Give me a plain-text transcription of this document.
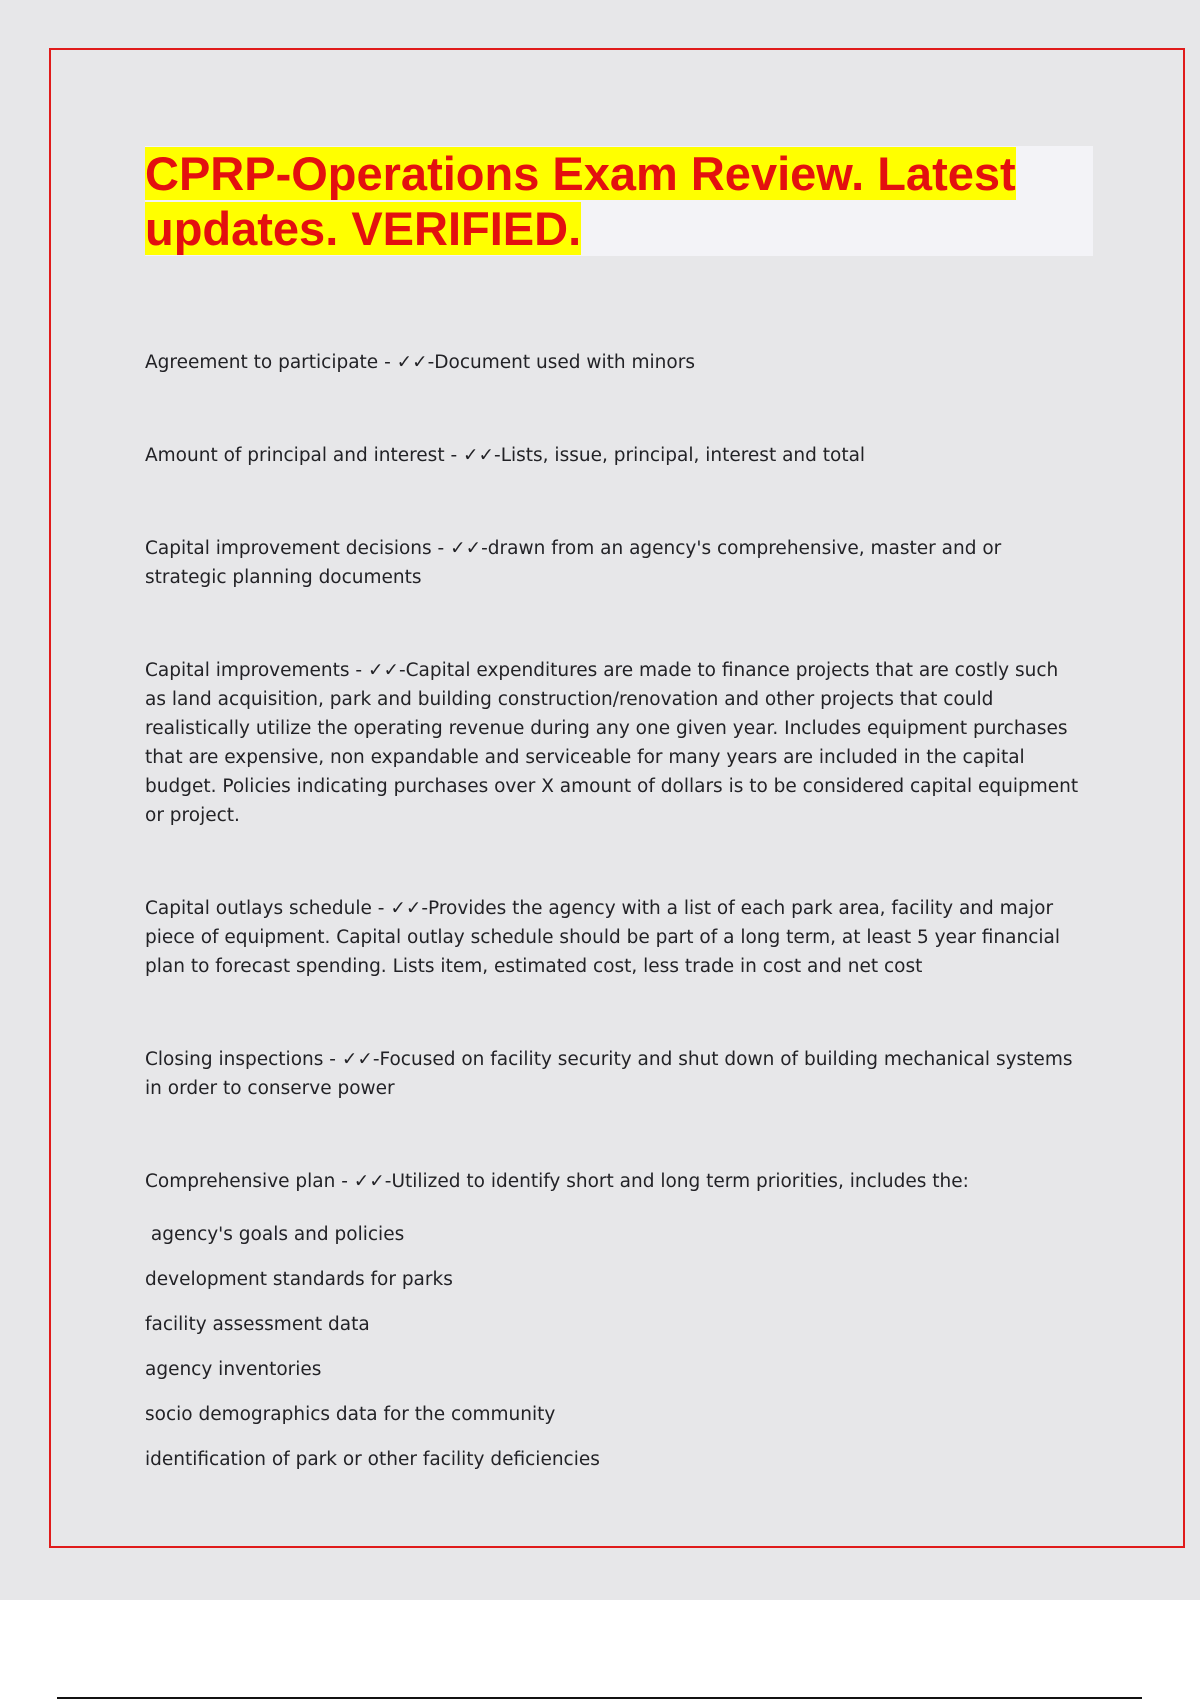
CPRP-Operations Exam Review. Latest updates. VERIFIED.

Agreement to participate - ✓✓-Document used with minors

Amount of principal and interest - ✓✓-Lists, issue, principal, interest and total

Capital improvement decisions - ✓✓-drawn from an agency's comprehensive, master and or strategic planning documents

Capital improvements - ✓✓-Capital expenditures are made to finance projects that are costly such as land acquisition, park and building construction/renovation and other projects that could realistically utilize the operating revenue during any one given year. Includes equipment purchases that are expensive, non expandable and serviceable for many years are included in the capital budget. Policies indicating purchases over X amount of dollars is to be considered capital equipment or project.

Capital outlays schedule - ✓✓-Provides the agency with a list of each park area, facility and major piece of equipment. Capital outlay schedule should be part of a long term, at least 5 year financial plan to forecast spending. Lists item, estimated cost, less trade in cost and net cost

Closing inspections - ✓✓-Focused on facility security and shut down of building mechanical systems in order to conserve power

Comprehensive plan - ✓✓-Utilized to identify short and long term priorities, includes the:

agency's goals and policies

development standards for parks

facility assessment data

agency inventories

socio demographics data for the community

identification of park or other facility deficiencies
